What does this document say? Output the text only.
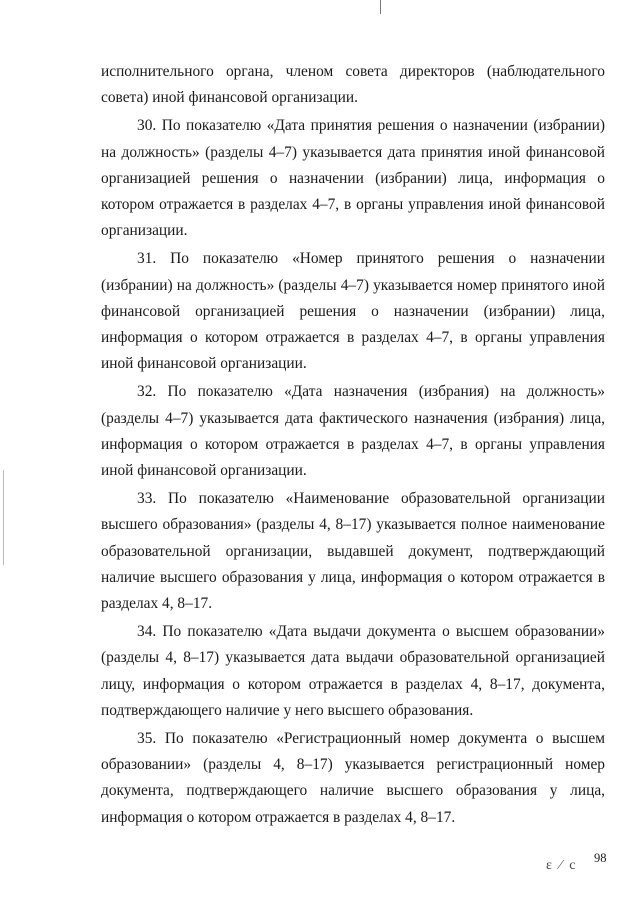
исполнительного органа, членом совета директоров (наблюдательного совета) иной финансовой организации.

30. По показателю «Дата принятия решения о назначении (избрании) на должность» (разделы 4–7) указывается дата принятия иной финансовой организацией решения о назначении (избрании) лица, информация о котором отражается в разделах 4–7, в органы управления иной финансовой организации.

31. По показателю «Номер принятого решения о назначении (избрании) на должность» (разделы 4–7) указывается номер принятого иной финансовой организацией решения о назначении (избрании) лица, информация о котором отражается в разделах 4–7, в органы управления иной финансовой организации.

32. По показателю «Дата назначения (избрания) на должность» (разделы 4–7) указывается дата фактического назначения (избрания) лица, информация о котором отражается в разделах 4–7, в органы управления иной финансовой организации.

33. По показателю «Наименование образовательной организации высшего образования» (разделы 4, 8–17) указывается полное наименование образовательной организации, выдавшей документ, подтверждающий наличие высшего образования у лица, информация о котором отражается в разделах 4, 8–17.

34. По показателю «Дата выдачи документа о высшем образовании» (разделы 4, 8–17) указывается дата выдачи образовательной организацией лицу, информация о котором отражается в разделах 4, 8–17, документа, подтверждающего наличие у него высшего образования.

35. По показателю «Регистрационный номер документа о высшем образовании» (разделы 4, 8–17) указывается регистрационный номер документа, подтверждающего наличие высшего образования у лица, информация о котором отражается в разделах 4, 8–17.

ɛ ⁄ c 98
